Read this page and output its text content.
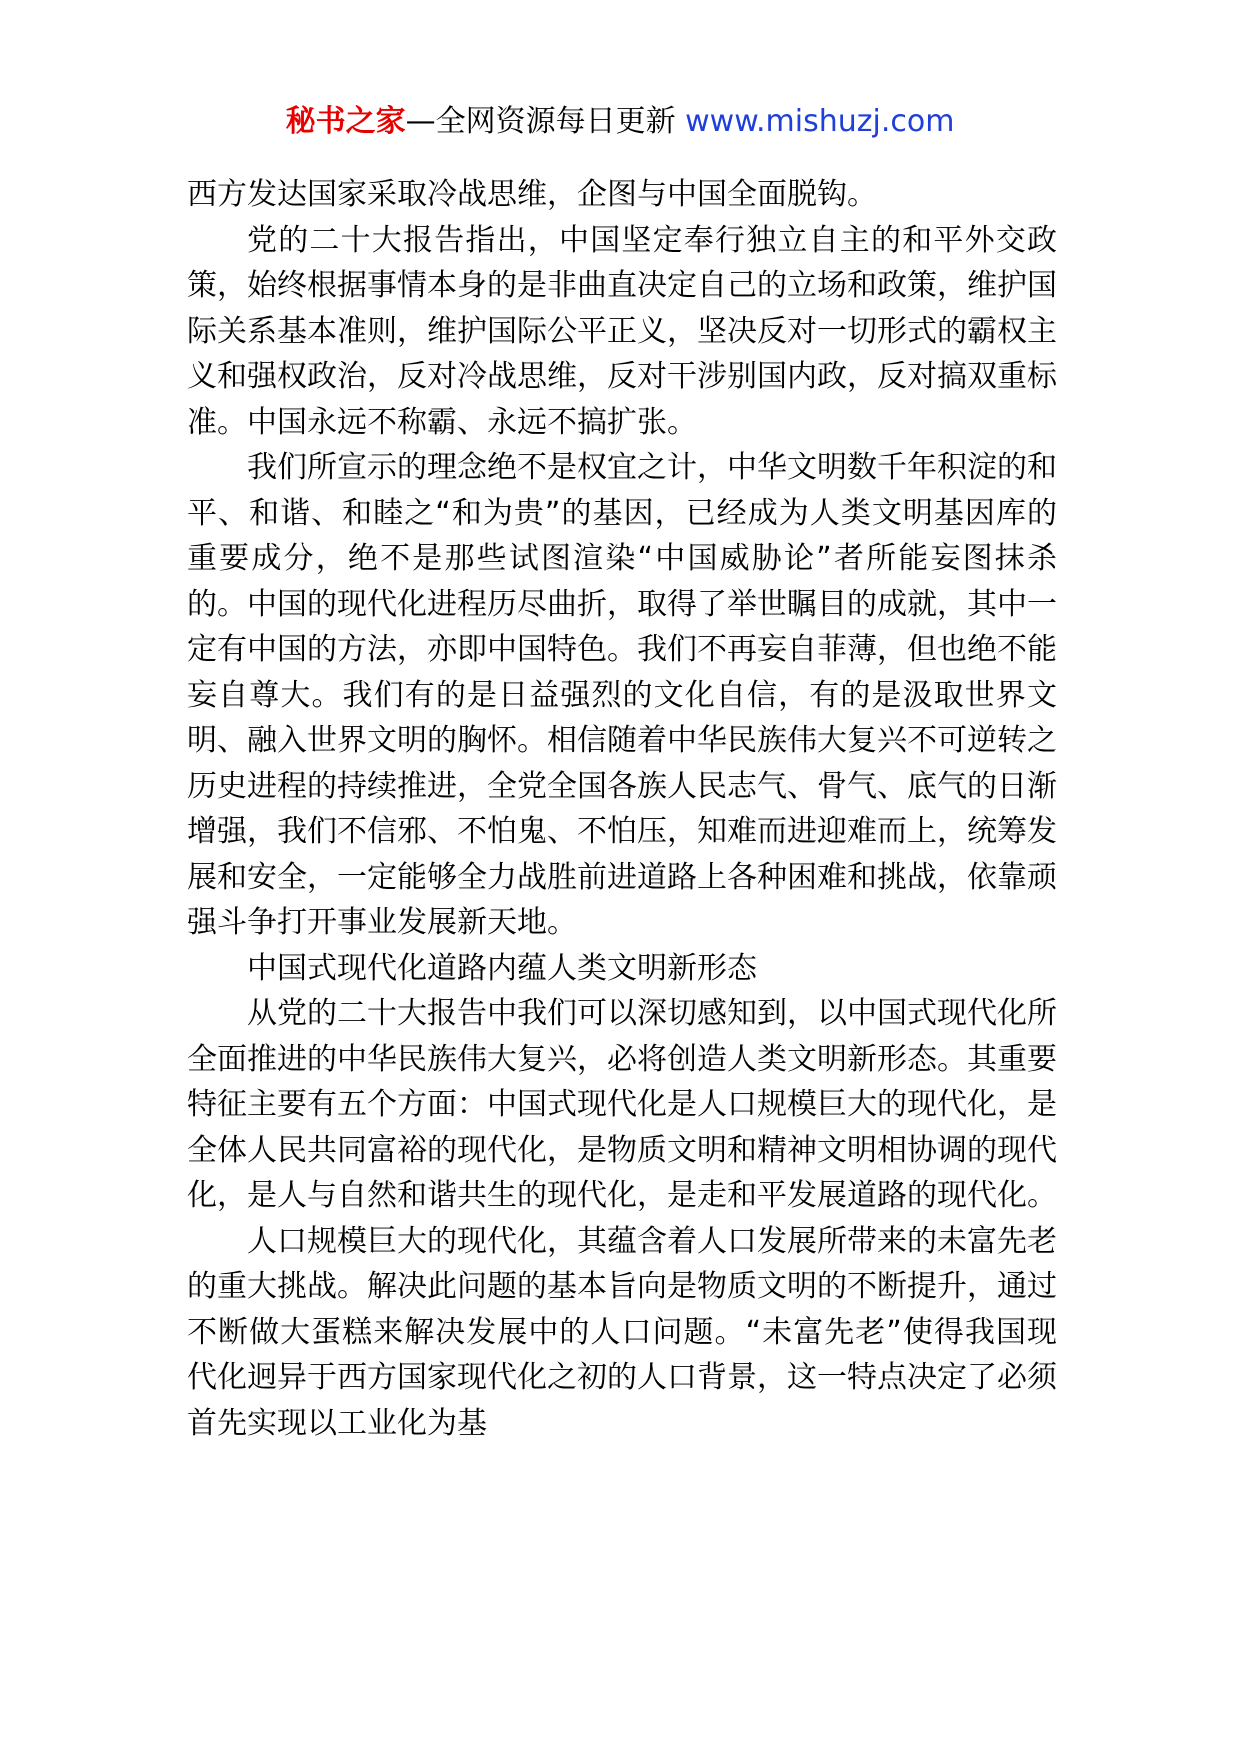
秘书之家—全网资源每日更新 www.mishuzj.com

西方发达国家采取冷战思维，企图与中国全面脱钩。

党的二十大报告指出，中国坚定奉行独立自主的和平外交政策，始终根据事情本身的是非曲直决定自己的立场和政策，维护国际关系基本准则，维护国际公平正义，坚决反对一切形式的霸权主义和强权政治，反对冷战思维，反对干涉别国内政，反对搞双重标准。中国永远不称霸、永远不搞扩张。

我们所宣示的理念绝不是权宜之计，中华文明数千年积淀的和平、和谐、和睦之“和为贵”的基因，已经成为人类文明基因库的重要成分，绝不是那些试图渲染“中国威胁论”者所能妄图抹杀的。中国的现代化进程历尽曲折，取得了举世瞩目的成就，其中一定有中国的方法，亦即中国特色。我们不再妄自菲薄，但也绝不能妄自尊大。我们有的是日益强烈的文化自信，有的是汲取世界文明、融入世界文明的胸怀。相信随着中华民族伟大复兴不可逆转之历史进程的持续推进，全党全国各族人民志气、骨气、底气的日渐增强，我们不信邪、不怕鬼、不怕压，知难而进迎难而上，统筹发展和安全，一定能够全力战胜前进道路上各种困难和挑战，依靠顽强斗争打开事业发展新天地。

中国式现代化道路内蕴人类文明新形态

从党的二十大报告中我们可以深切感知到，以中国式现代化所全面推进的中华民族伟大复兴，必将创造人类文明新形态。其重要特征主要有五个方面：中国式现代化是人口规模巨大的现代化，是全体人民共同富裕的现代化，是物质文明和精神文明相协调的现代化，是人与自然和谐共生的现代化，是走和平发展道路的现代化。

人口规模巨大的现代化，其蕴含着人口发展所带来的未富先老的重大挑战。解决此问题的基本旨向是物质文明的不断提升，通过不断做大蛋糕来解决发展中的人口问题。“未富先老”使得我国现代化迥异于西方国家现代化之初的人口背景，这一特点决定了必须首先实现以工业化为基
